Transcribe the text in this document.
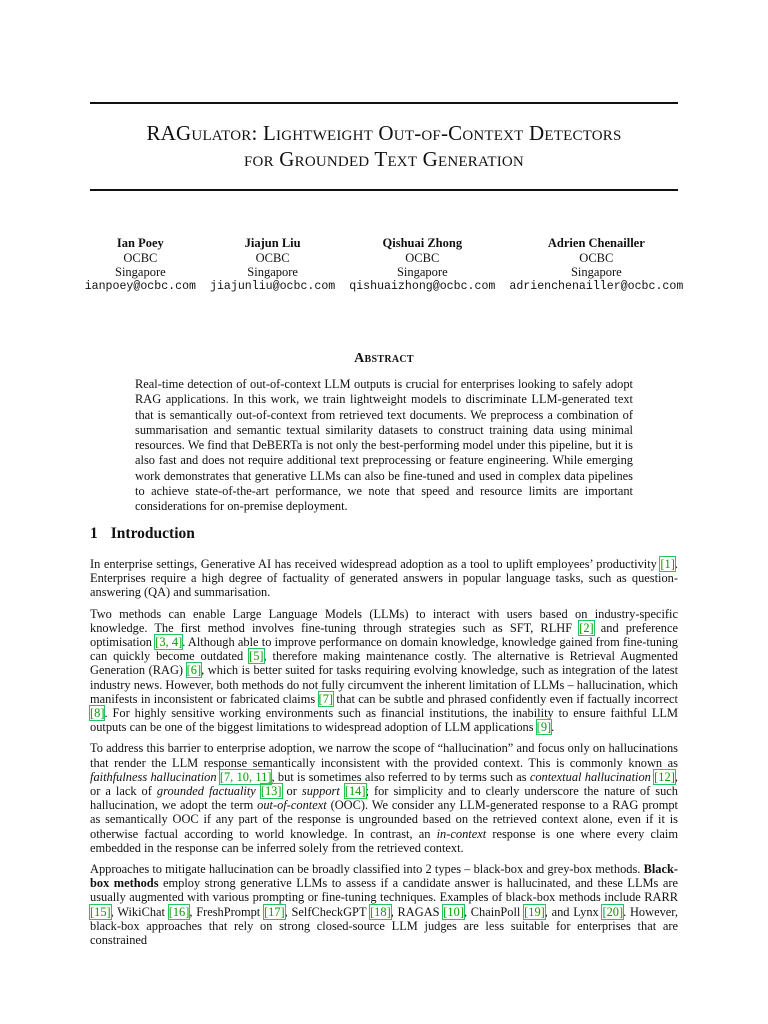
RAGulator: Lightweight Out-of-Context Detectors
for Grounded Text Generation
Ian Poey
OCBC
Singapore
ianpoey@ocbc.com
Jiajun Liu
OCBC
Singapore
jiajunliu@ocbc.com
Qishuai Zhong
OCBC
Singapore
qishuaizhong@ocbc.com
Adrien Chenailler
OCBC
Singapore
adrienchenailler@ocbc.com
Abstract

Real-time detection of out-of-context LLM outputs is crucial for enterprises looking to safely adopt RAG applications. In this work, we train lightweight models to discriminate LLM-generated text that is semantically out-of-context from retrieved text documents. We preprocess a combination of summarisation and semantic textual similarity datasets to construct training data using minimal resources. We find that DeBERTa is not only the best-performing model under this pipeline, but it is also fast and does not require additional text preprocessing or feature engineering. While emerging work demonstrates that generative LLMs can also be fine-tuned and used in complex data pipelines to achieve state-of-the-art performance, we note that speed and resource limits are important considerations for on-premise deployment.

1 Introduction

In enterprise settings, Generative AI has received widespread adoption as a tool to uplift employees’ productivity [ 1 ] . Enterprises require a high degree of factuality of generated answers in popular language tasks, such as question-answering (QA) and summarisation.

Two methods can enable Large Language Models (LLMs) to interact with users based on industry-specific knowledge. The first method involves fine-tuning through strategies such as SFT, RLHF [ 2 ] and preference optimisation [ 3, 4 ] . Although able to improve performance on domain knowledge, knowledge gained from fine-tuning can quickly become outdated [ 5 ] , therefore making maintenance costly. The alternative is Retrieval Augmented Generation (RAG) [ 6 ] , which is better suited for tasks requiring evolving knowledge, such as integration of the latest industry news. However, both methods do not fully circumvent the inherent limitation of LLMs – hallucination, which manifests in inconsistent or fabricated claims [ 7 ] that can be subtle and phrased confidently even if factually incorrect [ 8 ] . For highly sensitive working environments such as financial institutions, the inability to ensure faithful LLM outputs can be one of the biggest limitations to widespread adoption of LLM applications [ 9 ] .

To address this barrier to enterprise adoption, we narrow the scope of “hallucination” and focus only on hallucinations that render the LLM response semantically inconsistent with the provided context. This is commonly known as faithfulness hallucination [ 7, 10, 11 ] , but is sometimes also referred to by terms such as contextual hallucination [ 12 ] , or a lack of grounded factuality [ 13 ] or support [ 14 ] ; for simplicity and to clearly underscore the nature of such hallucination, we adopt the term out-of-context (OOC). We consider any LLM-generated response to a RAG prompt as semantically OOC if any part of the response is ungrounded based on the retrieved context alone, even if it is otherwise factual according to world knowledge. In contrast, an in-context response is one where every claim embedded in the response can be inferred solely from the retrieved context.

Approaches to mitigate hallucination can be broadly classified into 2 types – black-box and grey-box methods. Black-box methods employ strong generative LLMs to assess if a candidate answer is hallucinated, and these LLMs are usually augmented with various prompting or fine-tuning techniques. Examples of black-box methods include RARR [ 15 ] , WikiChat [ 16 ] , FreshPrompt [ 17 ] , SelfCheckGPT [ 18 ] , RAGAS [ 10 ] , ChainPoll [ 19 ] , and Lynx [ 20 ] . However, black-box approaches that rely on strong closed-source LLM judges are less suitable for enterprises that are constrained
